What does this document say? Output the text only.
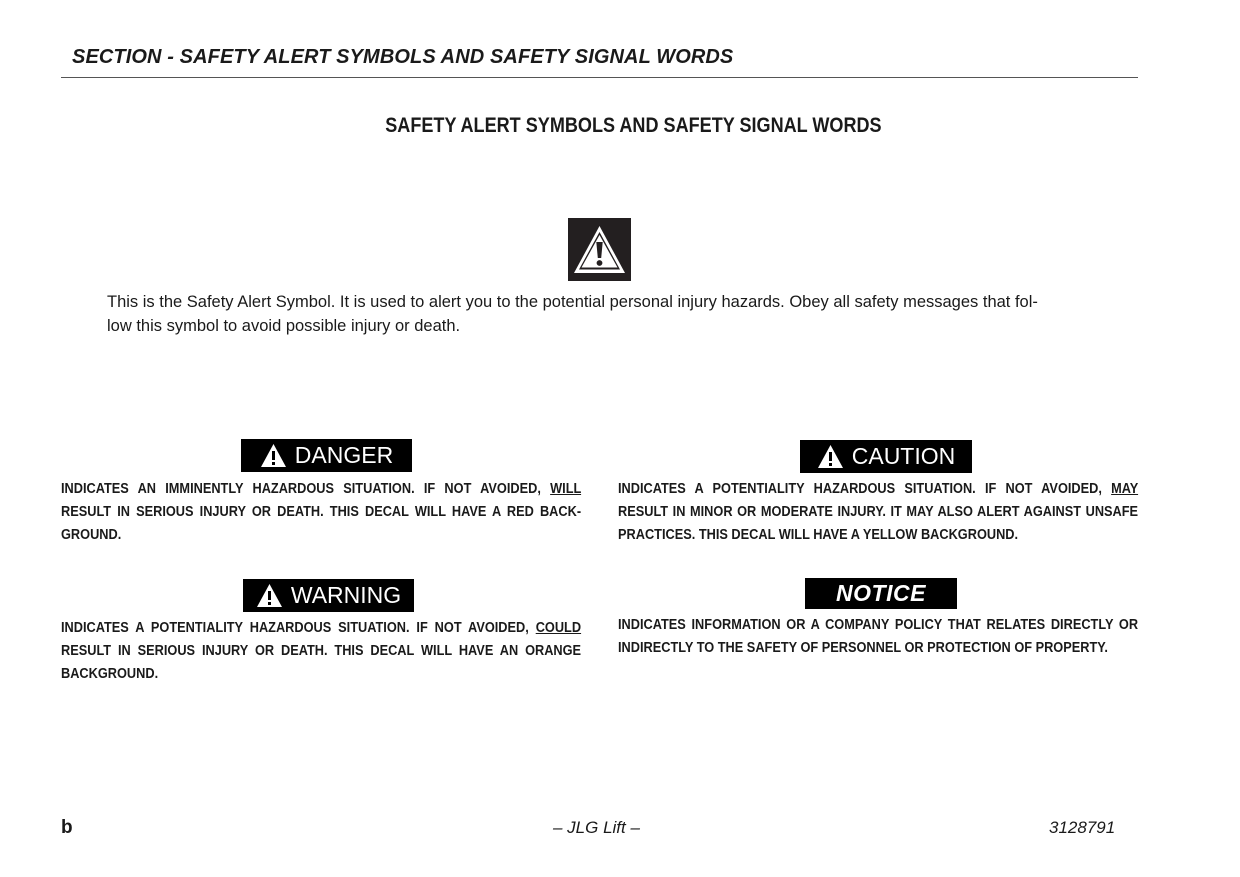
SECTION - SAFETY ALERT SYMBOLS AND SAFETY SIGNAL WORDS
SAFETY ALERT SYMBOLS AND SAFETY SIGNAL WORDS

This is the Safety Alert Symbol. It is used to alert you to the potential personal injury hazards. Obey all safety messages that fol-

low this symbol to avoid possible injury or death.

DANGER
INDICATES AN IMMINENTLY HAZARDOUS SITUATION. IF NOT AVOIDED, WILL RESULT IN SERIOUS INJURY OR DEATH. THIS DECAL WILL HAVE A RED BACK-GROUND.
CAUTION
INDICATES A POTENTIALITY HAZARDOUS SITUATION. IF NOT AVOIDED, MAY RESULT IN MINOR OR MODERATE INJURY. IT MAY ALSO ALERT AGAINST UNSAFE PRACTICES. THIS DECAL WILL HAVE A YELLOW BACKGROUND.
WARNING
INDICATES A POTENTIALITY HAZARDOUS SITUATION. IF NOT AVOIDED, COULD RESULT IN SERIOUS INJURY OR DEATH. THIS DECAL WILL HAVE AN ORANGE BACKGROUND.
NOTICE
INDICATES INFORMATION OR A COMPANY POLICY THAT RELATES DIRECTLY OR INDIRECTLY TO THE SAFETY OF PERSONNEL OR PROTECTION OF PROPERTY.
b	– JLG Lift –	3128791
